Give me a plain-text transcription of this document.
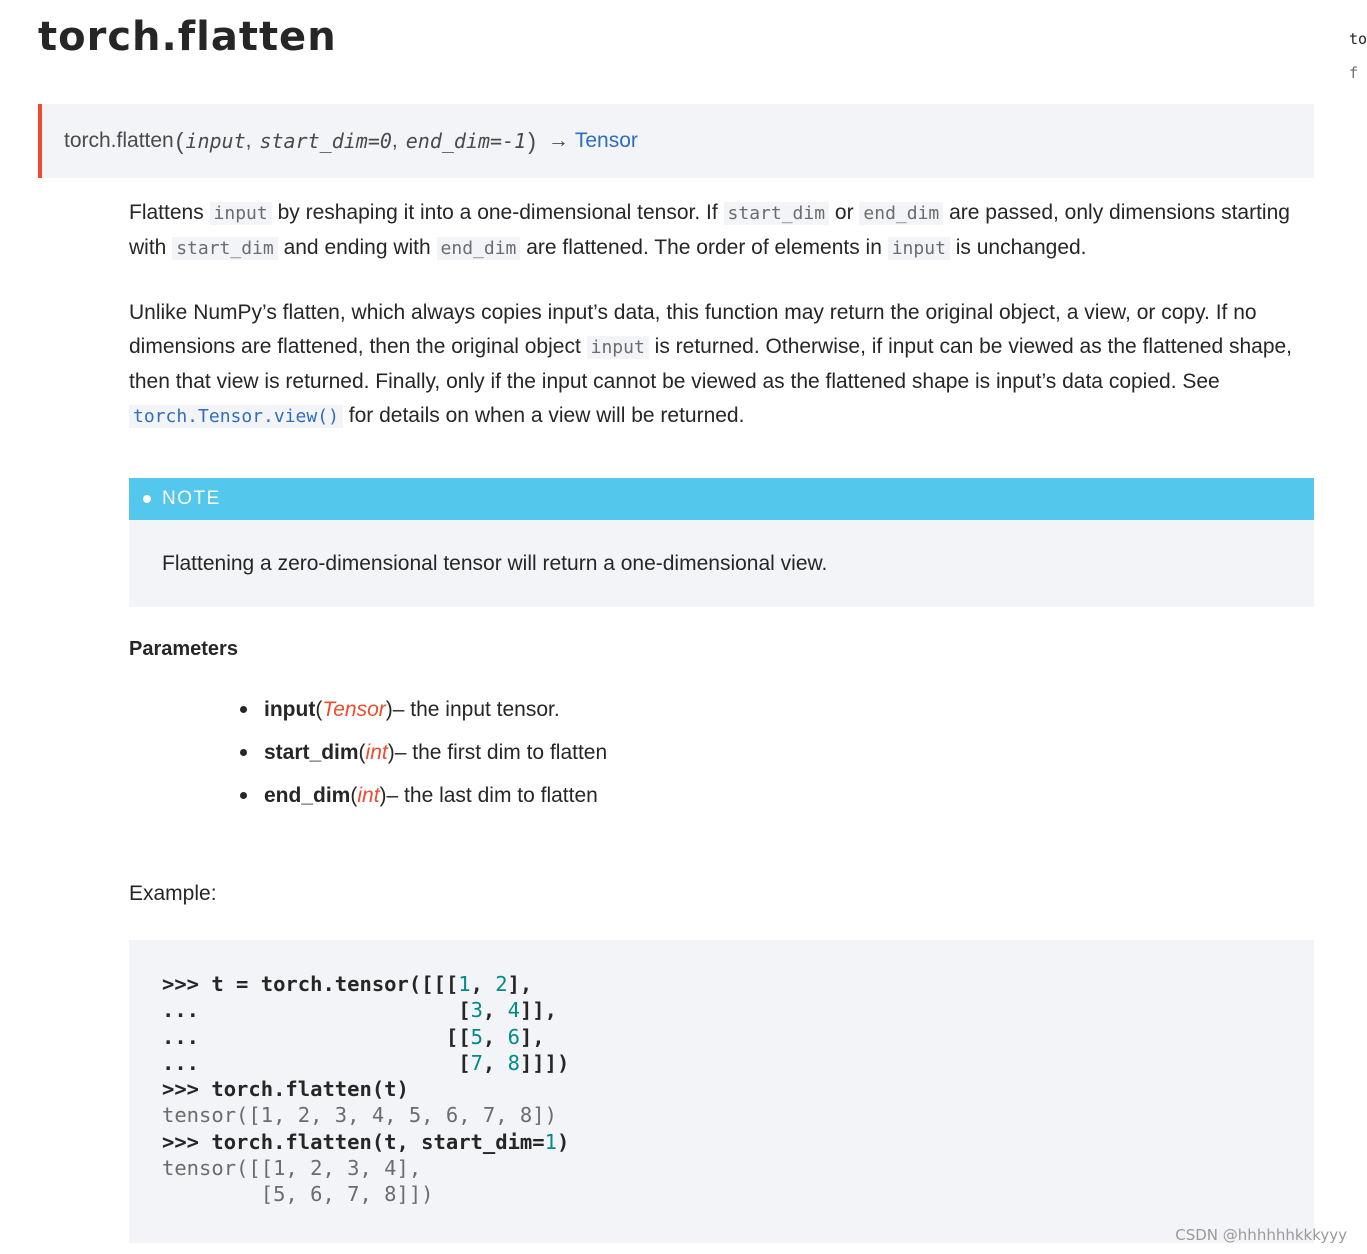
torch.flatten	to
f
torch.flatten ( input , start_dim=0 , end_dim=-1 ) → Tensor

Flattens input by reshaping it into a one-dimensional tensor. If start_dim or end_dim are passed, only dimensions starting with start_dim and ending with end_dim are flattened. The order of elements in input is unchanged.

Unlike NumPy’s flatten, which always copies input’s data, this function may return the original object, a view, or copy. If no dimensions are flattened, then the original object input is returned. Otherwise, if input can be viewed as the flattened shape, then that view is returned. Finally, only if the input cannot be viewed as the flattened shape is input’s data copied. See torch.Tensor.view() for details on when a view will be returned.

NOTE
Flattening a zero-dimensional tensor will return a one-dimensional view.
Parameters
input ( Tensor ) – the input tensor.
start_dim ( int ) – the first dim to flatten
end_dim ( int ) – the last dim to flatten

Example:

>>> t = torch.tensor([[[1, 2],
...                     [3, 4]],
...                    [[5, 6],
...                     [7, 8]]])
>>> torch.flatten(t)
tensor([1, 2, 3, 4, 5, 6, 7, 8])
>>> torch.flatten(t, start_dim=1)
tensor([[1, 2, 3, 4],
[5, 6, 7, 8]])
CSDN @hhhhhhkkkyyy
